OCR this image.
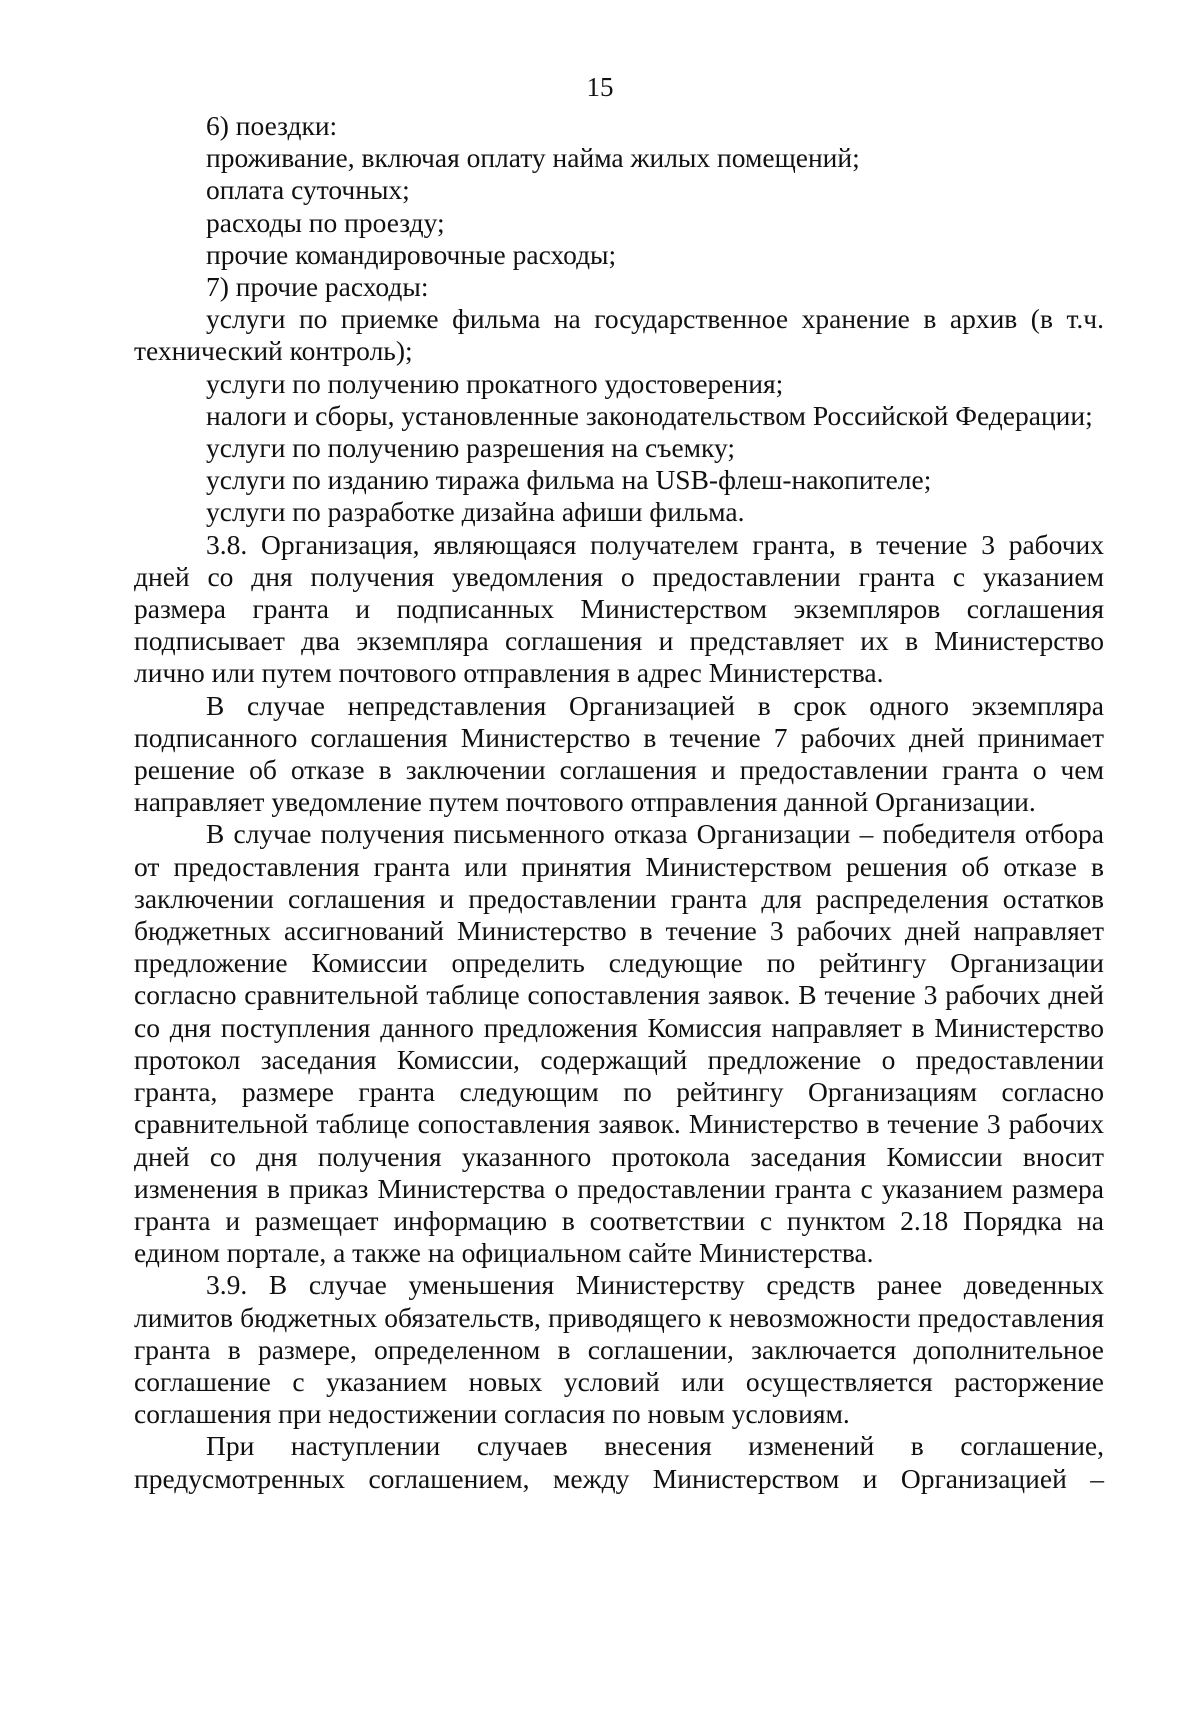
15

6) поездки:

проживание, включая оплату найма жилых помещений;

оплата суточных;

расходы по проезду;

прочие командировочные расходы;

7) прочие расходы:

услуги по приемке фильма на государственное хранение в архив (в т.ч. технический контроль);

услуги по получению прокатного удостоверения;

налоги и сборы, установленные законодательством Российской Федерации;

услуги по получению разрешения на съемку;

услуги по изданию тиража фильма на USB-флеш-накопителе;

услуги по разработке дизайна афиши фильма.

3.8. Организация, являющаяся получателем гранта, в течение 3 рабочих дней со дня получения уведомления о предоставлении гранта с указанием размера гранта и подписанных Министерством экземпляров соглашения подписывает два экземпляра соглашения и представляет их в Министерство лично или путем почтового отправления в адрес Министерства.

В случае непредставления Организацией в срок одного экземпляра подписанного соглашения Министерство в течение 7 рабочих дней принимает решение об отказе в заключении соглашения и предоставлении гранта о чем направляет уведомление путем почтового отправления данной Организации.

В случае получения письменного отказа Организации – победителя отбора от предоставления гранта или принятия Министерством решения об отказе в заключении соглашения и предоставлении гранта для распределения остатков бюджетных ассигнований Министерство в течение 3 рабочих дней направляет предложение Комиссии определить следующие по рейтингу Организации согласно сравнительной таблице сопоставления заявок. В течение 3 рабочих дней со дня поступления данного предложения Комиссия направляет в Министерство протокол заседания Комиссии, содержащий предложение о предоставлении гранта, размере гранта следующим по рейтингу Организациям согласно сравнительной таблице сопоставления заявок. Министерство в течение 3 рабочих дней со дня получения указанного протокола заседания Комиссии вносит изменения в приказ Министерства о предоставлении гранта с указанием размера гранта и размещает информацию в соответствии с пунктом 2.18 Порядка на едином портале, а также на официальном сайте Министерства.

3.9. В случае уменьшения Министерству средств ранее доведенных лимитов бюджетных обязательств, приводящего к невозможности предоставления гранта в размере, определенном в соглашении, заключается дополнительное соглашение с указанием новых условий или осуществляется расторжение соглашения при недостижении согласия по новым условиям.

При наступлении случаев внесения изменений в соглашение, предусмотренных соглашением, между Министерством и Организацией –
